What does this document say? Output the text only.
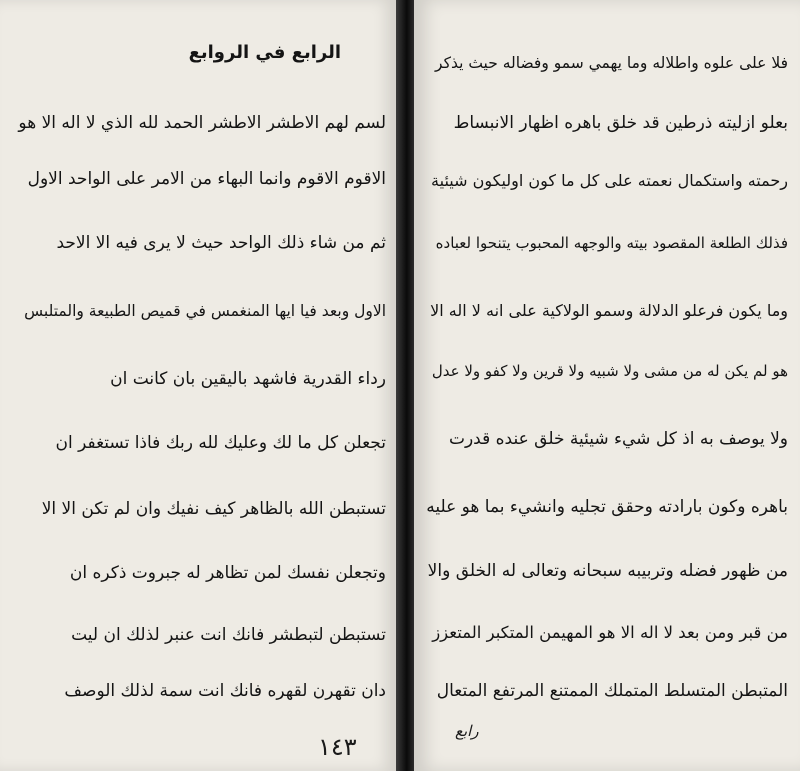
الرابع في الروابع
لسم لهم الاطشر الاطشر الحمد لله الذي لا اله الا هو
الاقوم الاقوم وانما البهاء من الامر على الواحد الاول
ثم من شاء ذلك الواحد حيث لا يرى فيه الا الاحد
الاول وبعد فيا ايها المنغمس في قميص الطبيعة والمتلبس
رداء القدرية فاشهد باليقين بان كانت ان
تجعلن كل ما لك وعليك لله ربك فاذا تستغفر ان
تستبطن الله بالظاهر كيف نفيك وان لم تكن الا الا
وتجعلن نفسك لمن تظاهر له جبروت ذكره ان
تستبطن لتبطشر فانك انت عنبر لذلك ان ليت
دان تقهرن لقهره فانك انت سمة لذلك الوصف
١٤٣
فلا على علوه واطلاله وما يهمي سمو وفضاله حيث يذكر
بعلو ازليته ذرطين قد خلق باهره اظهار الانبساط
رحمته واستكمال نعمته على كل ما كون اوليكون شيئية
فذلك الطلعة المقصود بيته والوجهه المحبوب يتنحوا لعباده
وما يكون فرعلو الدلالة وسمو الولاكية على انه لا اله الا
هو لم يكن له من مشى ولا شبيه ولا قرين ولا كفو ولا عدل
ولا يوصف به اذ كل شيء شيئية خلق عنده قدرت
باهره وكون بارادته وحقق تجليه وانشيء بما هو عليه
من ظهور فضله وتربيبه سبحانه وتعالى له الخلق والا
من قبر ومن بعد لا اله الا هو المهيمن المتكبر المتعزز
المتبطن المتسلط المتملك الممتنع المرتفع المتعال
رابع
